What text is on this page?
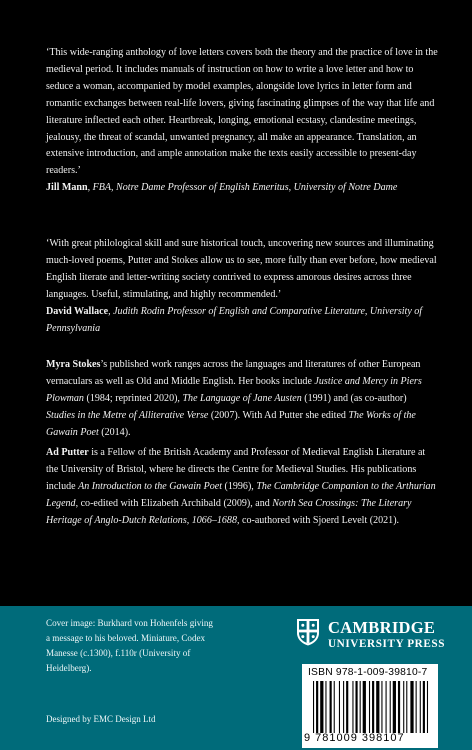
‘This wide-ranging anthology of love letters covers both the theory and the practice of love in the medieval period. It includes manuals of instruction on how to write a love letter and how to seduce a woman, accompanied by model examples, alongside love lyrics in letter form and romantic exchanges between real-life lovers, giving fascinating glimpses of the way that life and literature inflected each other. Heartbreak, longing, emotional ecstasy, clandestine meetings, jealousy, the threat of scandal, unwanted pregnancy, all make an appearance. Translation, an extensive introduction, and ample annotation make the texts easily accessible to present-day readers.’

Jill Mann, FBA, Notre Dame Professor of English Emeritus, University of Notre Dame

‘With great philological skill and sure historical touch, uncovering new sources and illuminating much-loved poems, Putter and Stokes allow us to see, more fully than ever before, how medieval English literate and letter-writing society contrived to express amorous desires across three languages. Useful, stimulating, and highly recommended.’

David Wallace, Judith Rodin Professor of English and Comparative Literature, University of Pennsylvania

Myra Stokes’s published work ranges across the languages and literatures of other European vernaculars as well as Old and Middle English. Her books include Justice and Mercy in Piers Plowman (1984; reprinted 2020), The Language of Jane Austen (1991) and (as co-author) Studies in the Metre of Alliterative Verse (2007). With Ad Putter she edited The Works of the Gawain Poet (2014).

Ad Putter is a Fellow of the British Academy and Professor of Medieval English Literature at the University of Bristol, where he directs the Centre for Medieval Studies. His publications include An Introduction to the Gawain Poet (1996), The Cambridge Companion to the Arthurian Legend, co-edited with Elizabeth Archibald (2009), and North Sea Crossings: The Literary Heritage of Anglo-Dutch Relations, 1066–1688, co-authored with Sjoerd Levelt (2021).

Cover image: Burkhard von Hohenfels giving a message to his beloved. Miniature, Codex Manesse (c.1300), f.110r (University of Heidelberg).
Designed by EMC Design Ltd
CAMBRIDGE
UNIVERSITY PRESS
ISBN 978-1-009-39810-7
9 781009 398107
